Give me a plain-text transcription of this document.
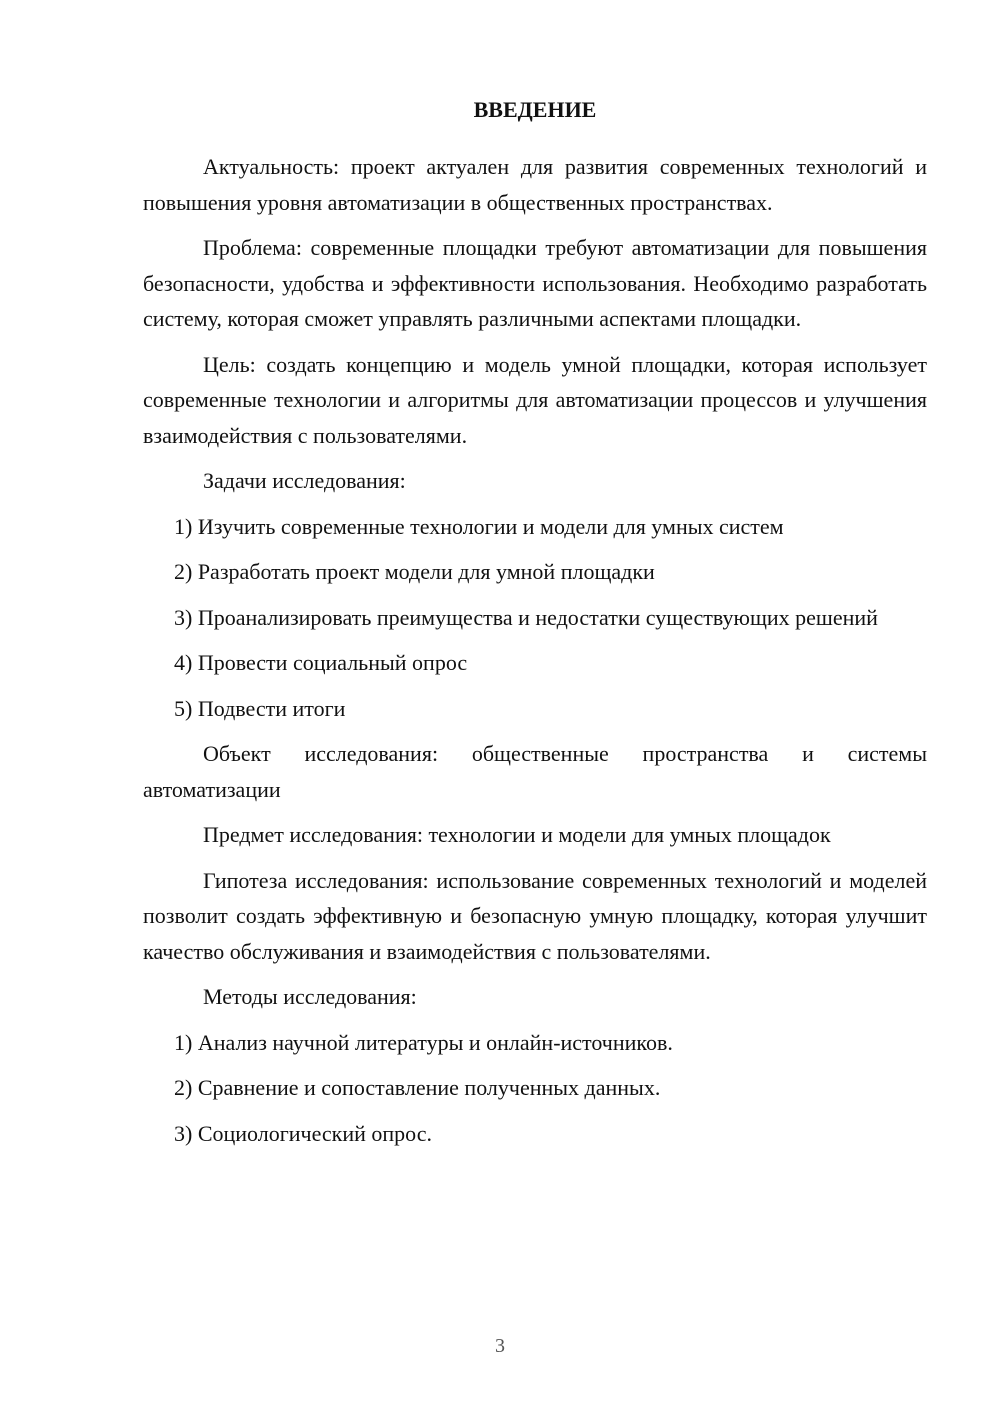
ВВЕДЕНИЕ

Актуальность: проект актуален для развития современных технологий и повышения уровня автоматизации в общественных пространствах.

Проблема: современные площадки требуют автоматизации для повышения безопасности, удобства и эффективности использования. Необходимо разработать систему, которая сможет управлять различными аспектами площадки.

Цель: создать концепцию и модель умной площадки, которая использует современные технологии и алгоритмы для автоматизации процессов и улучшения взаимодействия с пользователями.

Задачи исследования:

1) Изучить современные технологии и модели для умных систем

2) Разработать проект модели для умной площадки

3) Проанализировать преимущества и недостатки существующих решений

4) Провести социальный опрос

5) Подвести итоги

Объект исследования: общественные пространства и системы автоматизации

Предмет исследования: технологии и модели для умных площадок

Гипотеза исследования: использование современных технологий и моделей позволит создать эффективную и безопасную умную площадку, которая улучшит качество обслуживания и взаимодействия с пользователями.

Методы исследования:

1) Анализ научной литературы и онлайн-источников.

2) Сравнение и сопоставление полученных данных.

3) Социологический опрос.

3
